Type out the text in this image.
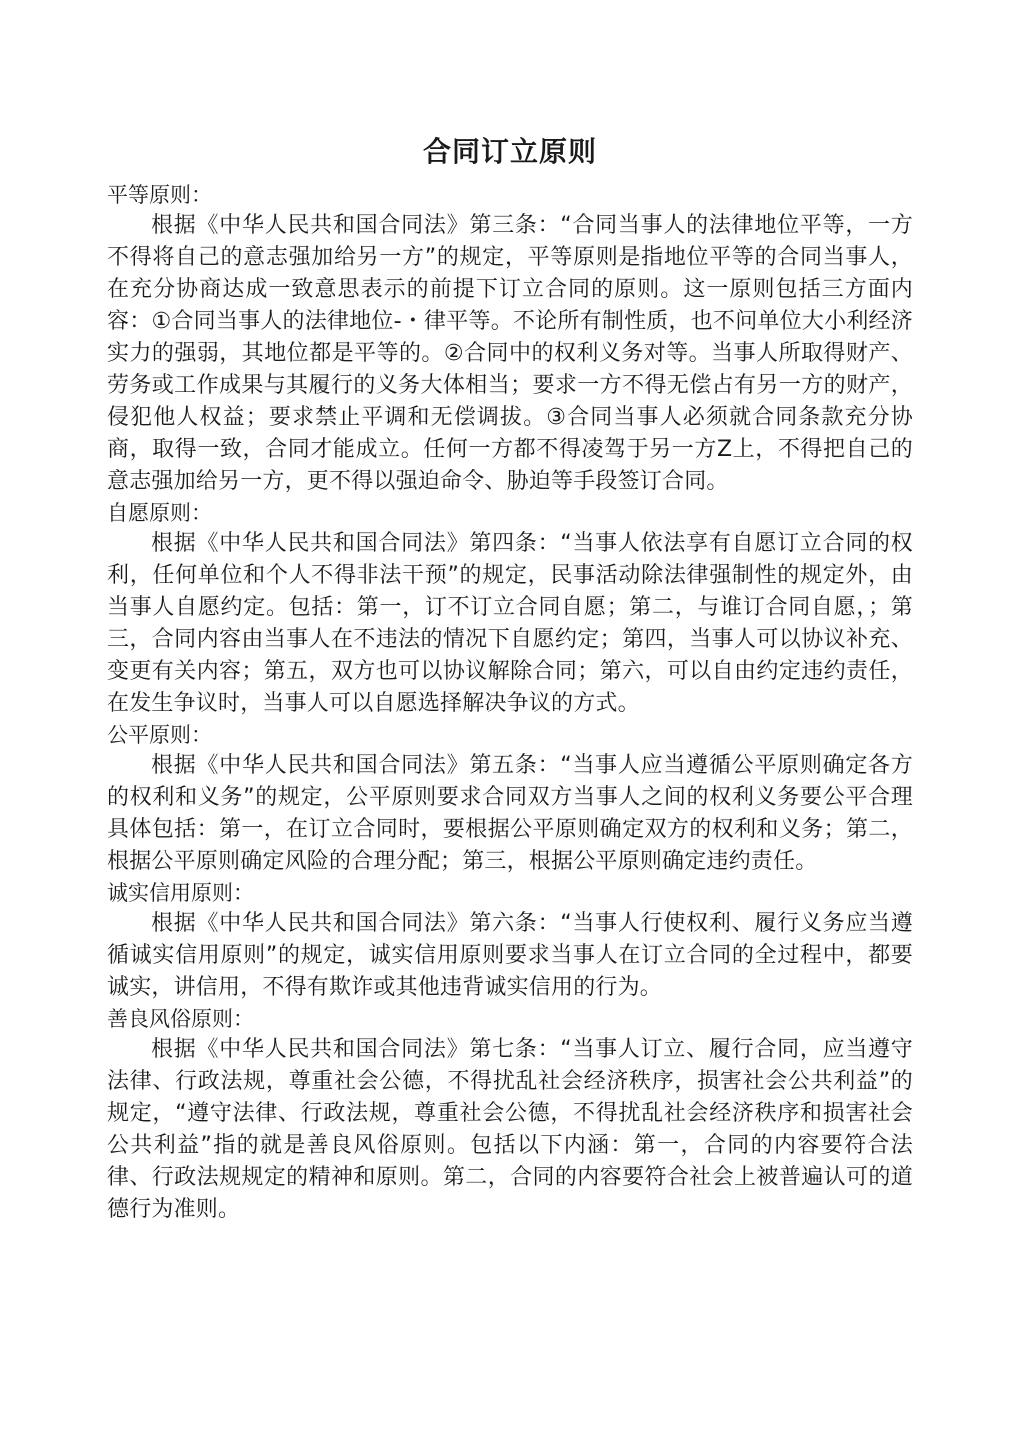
合同订立原则

平等原则：

根据《中华人民共和国合同法》第三条：“合同当事人的法律地位平等，一方不得将自己的意志强加给另一方”的规定，平等原则是指地位平等的合同当事人，在充分协商达成一致意思表示的前提下订立合同的原则。这一原则包括三方面内容：①合同当事人的法律地位-・律平等。不论所有制性质，也不问单位大小利经济实力的强弱，其地位都是平等的。②合同中的权利义务对等。当事人所取得财产、劳务或工作成果与其履行的义务大体相当；要求一方不得无偿占有另一方的财产，侵犯他人权益；要求禁止平调和无偿调拔。③合同当事人必须就合同条款充分协商，取得一致，合同才能成立。任何一方都不得凌驾于另一方Z上，不得把自己的意志强加给另一方，更不得以强迫命令、胁迫等手段签订合同。

自愿原则：

根据《中华人民共和国合同法》第四条：“当事人依法享有自愿订立合同的权利，任何单位和个人不得非法干预”的规定，民事活动除法律强制性的规定外，由当事人自愿约定。包括：第一，订不订立合同自愿；第二，与谁订合同自愿，；第三，合同内容由当事人在不违法的情况下自愿约定；第四，当事人可以协议补充、变更有关内容；第五，双方也可以协议解除合同；第六，可以自由约定违约责任，在发生争议时，当事人可以自愿选择解决争议的方式。

公平原则：

根据《中华人民共和国合同法》第五条：“当事人应当遵循公平原则确定各方的权利和义务”的规定，公平原则要求合同双方当事人之间的权利义务要公平合理具体包括：第一，在订立合同时，要根据公平原则确定双方的权利和义务；第二，根据公平原则确定风险的合理分配；第三，根据公平原则确定违约责任。

诚实信用原则：

根据《中华人民共和国合同法》第六条：“当事人行使权利、履行义务应当遵循诚实信用原则”的规定，诚实信用原则要求当事人在订立合同的全过程中，都要诚实，讲信用，不得有欺诈或其他违背诚实信用的行为。

善良风俗原则：

根据《中华人民共和国合同法》第七条：“当事人订立、履行合同，应当遵守法律、行政法规，尊重社会公德，不得扰乱社会经济秩序，损害社会公共利益”的规定，“遵守法律、行政法规，尊重社会公德，不得扰乱社会经济秩序和损害社会公共利益”指的就是善良风俗原则。包括以下内涵：第一，合同的内容要符合法律、行政法规规定的精神和原则。第二，合同的内容要符合社会上被普遍认可的道德行为准则。
